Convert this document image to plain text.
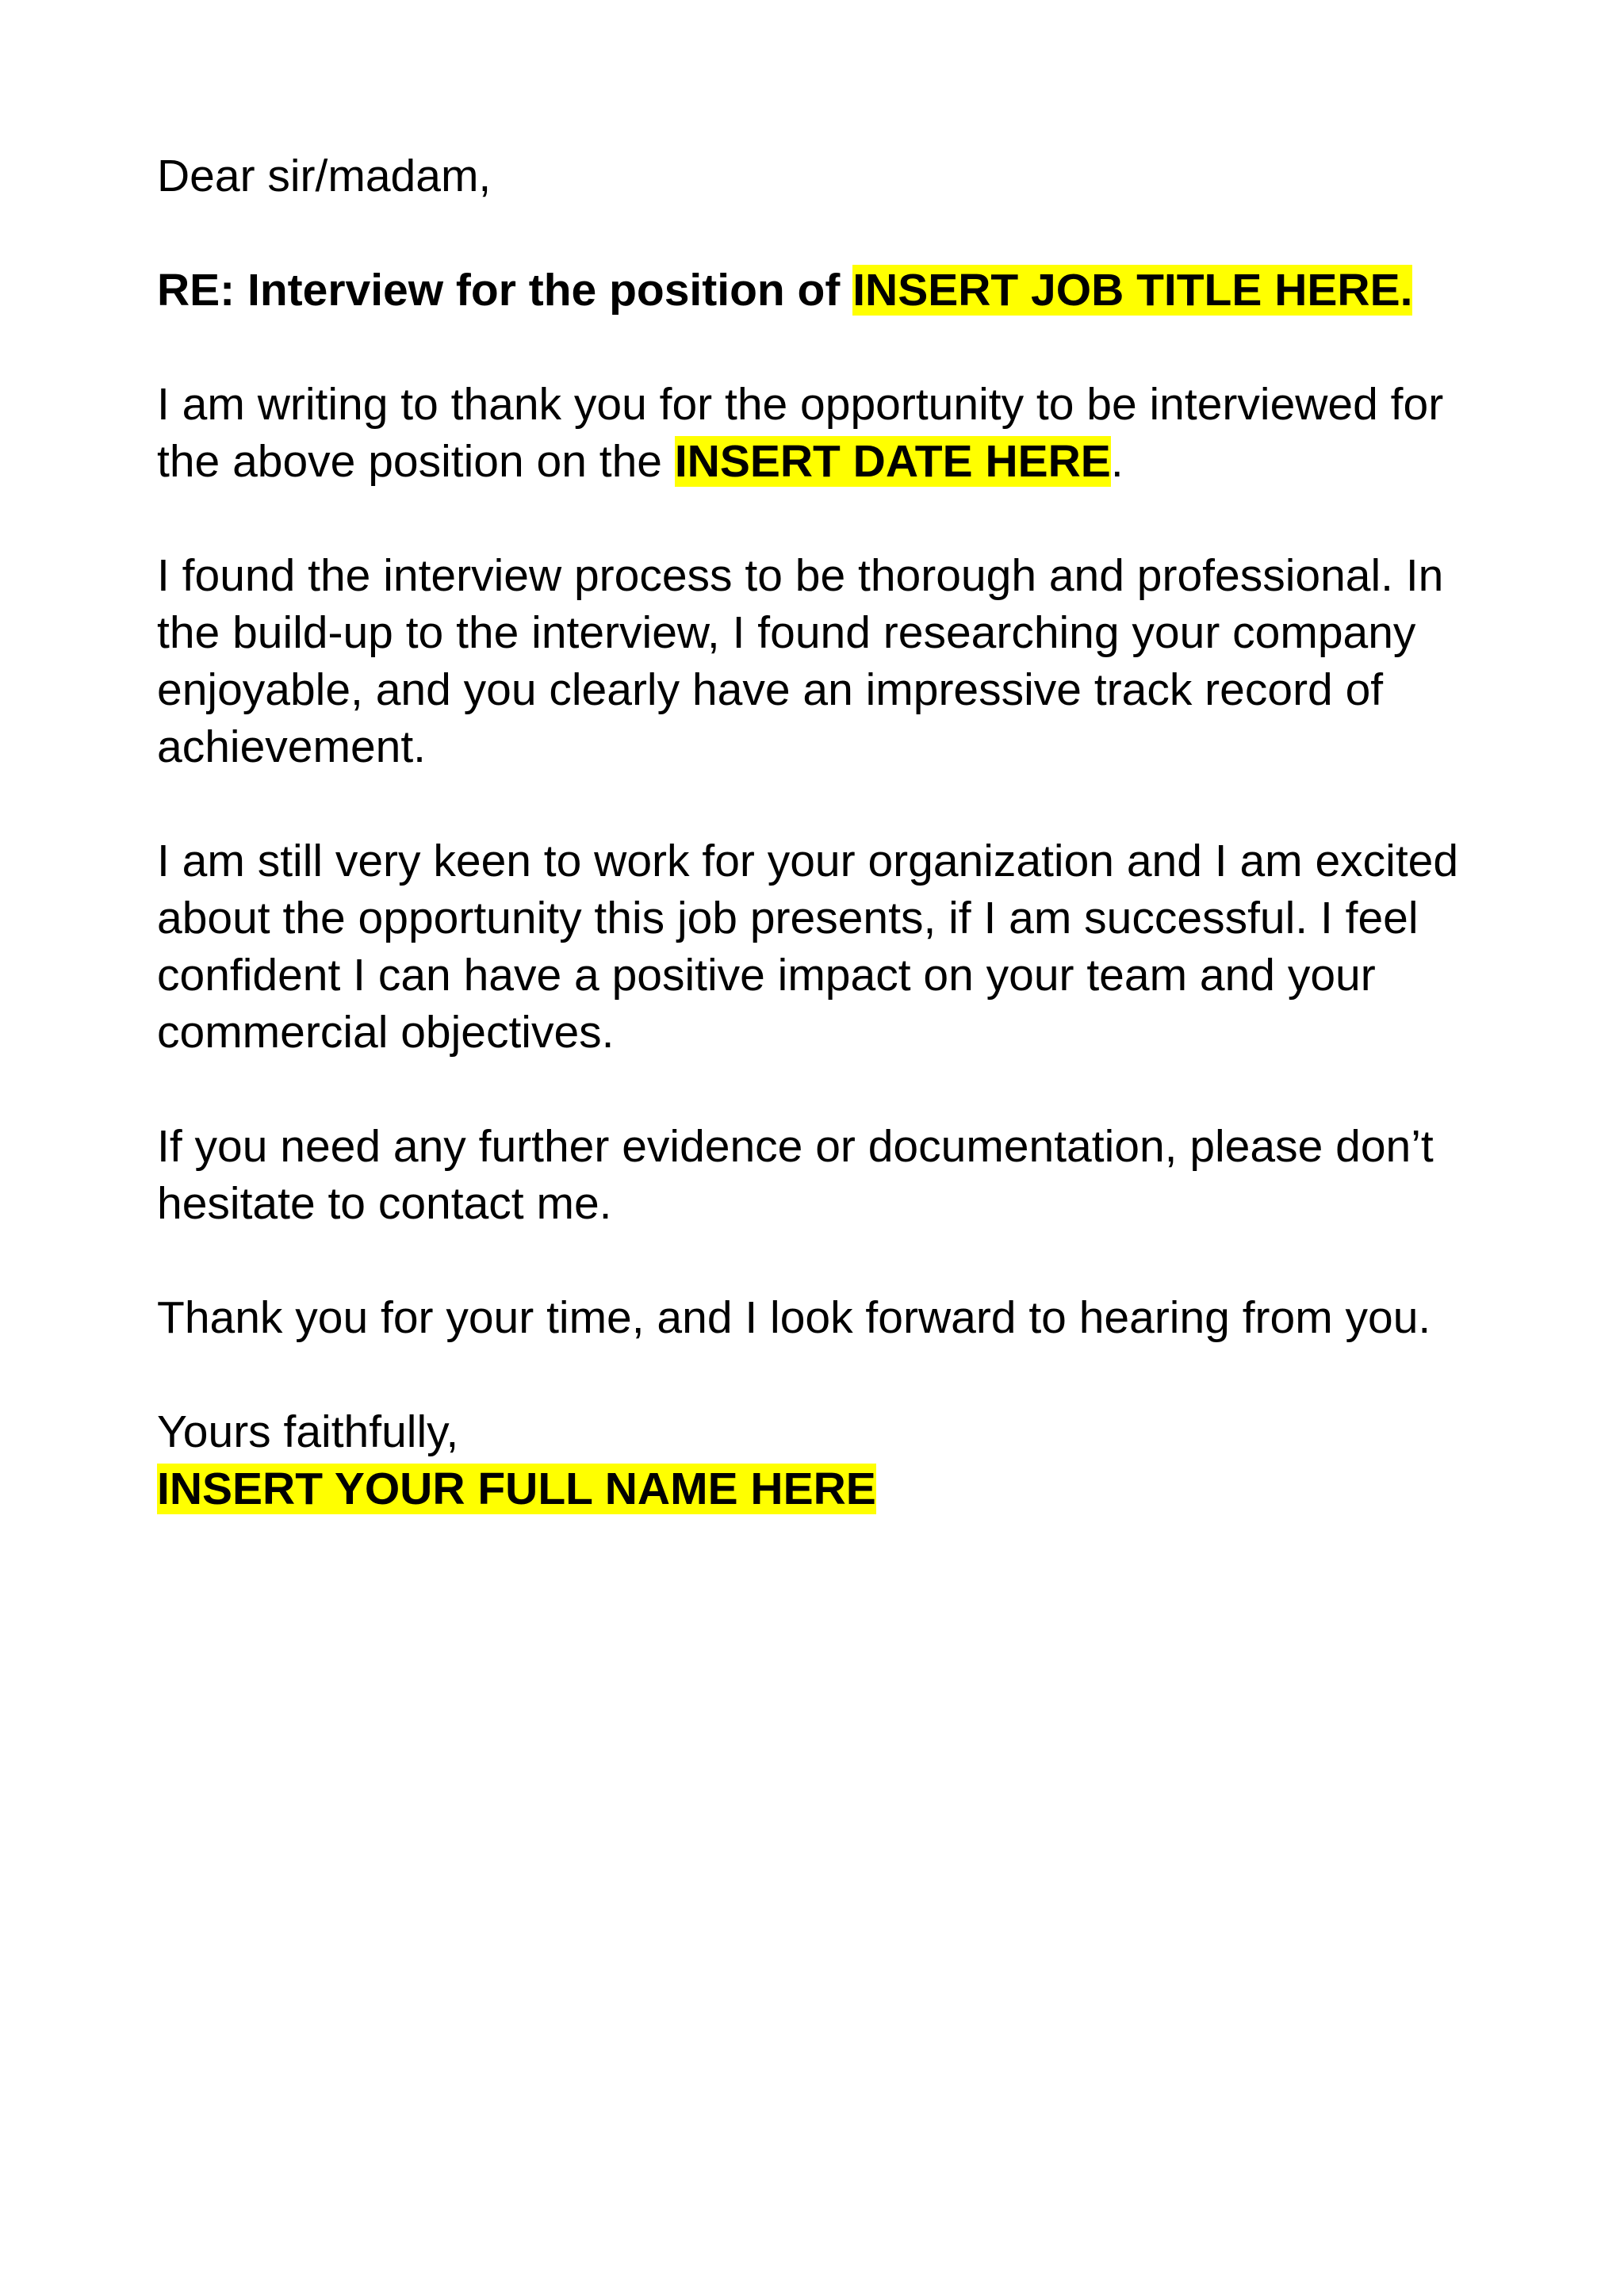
Dear sir/madam,

RE: Interview for the position of INSERT JOB TITLE HERE.

I am writing to thank you for the opportunity to be interviewed for the above position on the INSERT DATE HERE.

I found the interview process to be thorough and professional. In the build-up to the interview, I found researching your company enjoyable, and you clearly have an impressive track record of achievement.

I am still very keen to work for your organization and I am excited about the opportunity this job presents, if I am successful. I feel confident I can have a positive impact on your team and your commercial objectives.

If you need any further evidence or documentation, please don’t hesitate to contact me.

Thank you for your time, and I look forward to hearing from you.

Yours faithfully,

INSERT YOUR FULL NAME HERE
